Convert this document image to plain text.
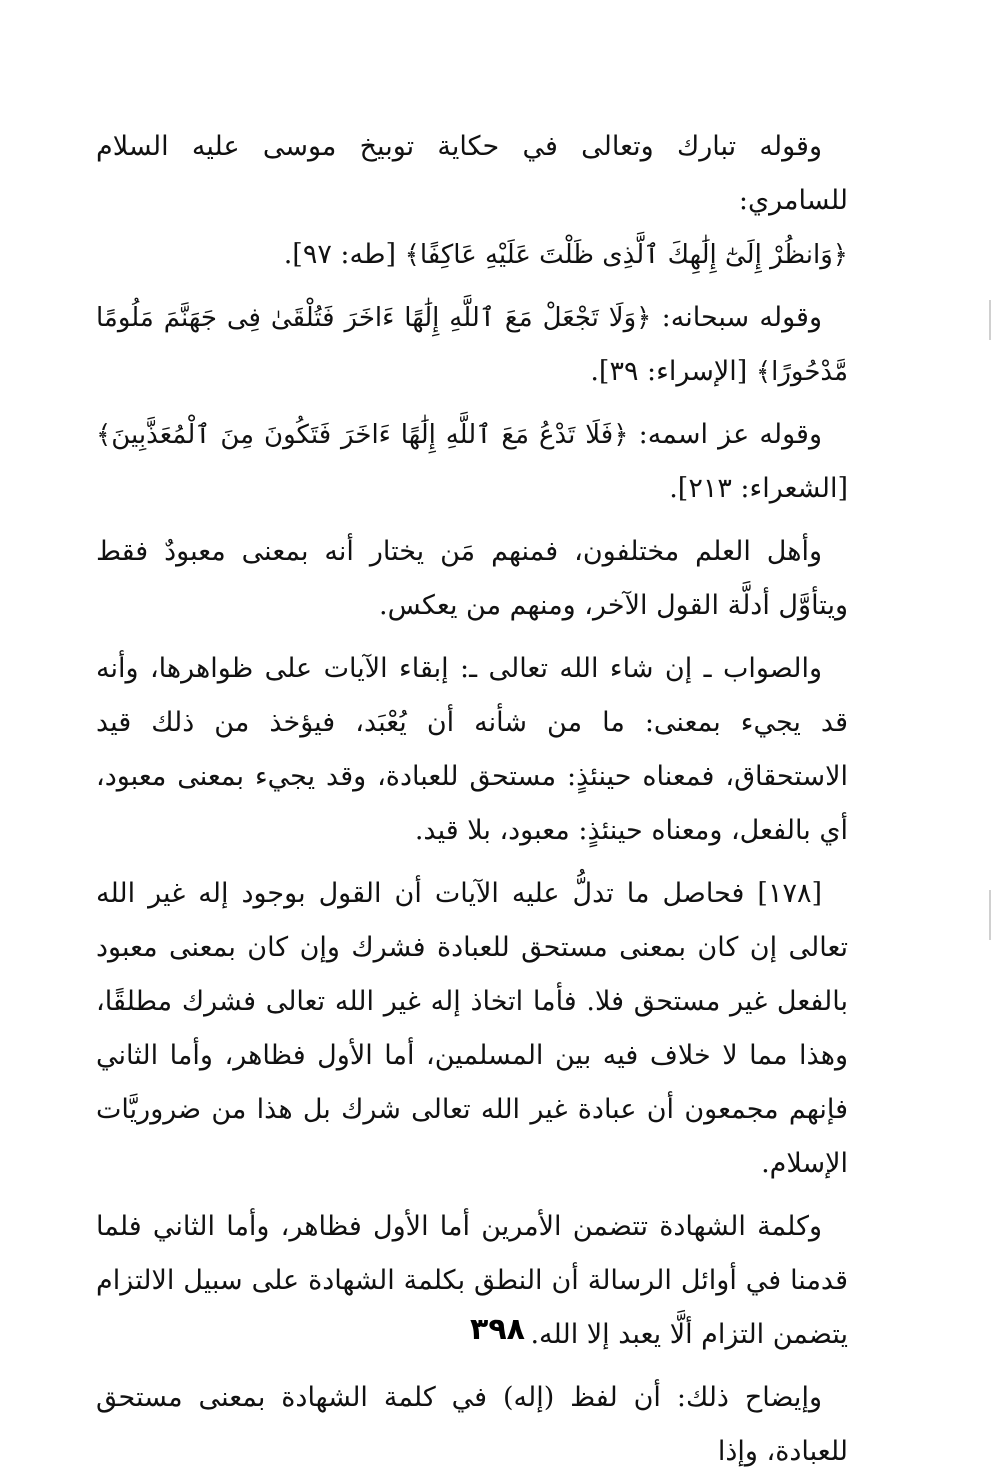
وقوله تبارك وتعالى في حكاية توبيخ موسى عليه السلام للسامري:
﴿وَانظُرْ إِلَىٰٓ إِلَٰهِكَ ٱلَّذِى ظَلْتَ عَلَيْهِ عَاكِفًا﴾ [طه: ٩٧].

وقوله سبحانه: ﴿وَلَا تَجْعَلْ مَعَ ٱللَّهِ إِلَٰهًا ءَاخَرَ فَتُلْقَىٰ فِى جَهَنَّمَ مَلُومًا مَّدْحُورًا﴾ [الإسراء: ٣٩].

وقوله عز اسمه: ﴿فَلَا تَدْعُ مَعَ ٱللَّهِ إِلَٰهًا ءَاخَرَ فَتَكُونَ مِنَ ٱلْمُعَذَّبِينَ﴾ [الشعراء: ٢١٣].

وأهل العلم مختلفون، فمنهم مَن يختار أنه بمعنى معبودٌ فقط ويتأوَّل أدلَّة القول الآخر، ومنهم من يعكس.

والصواب ـ إن شاء الله تعالى ـ: إبقاء الآيات على ظواهرها، وأنه قد يجيء بمعنى: ما من شأنه أن يُعْبَد، فيؤخذ من ذلك قيد الاستحقاق، فمعناه حينئذٍ: مستحق للعبادة، وقد يجيء بمعنى معبود، أي بالفعل، ومعناه حينئذٍ: معبود، بلا قيد.

[١٧٨] فحاصل ما تدلُّ عليه الآيات أن القول بوجود إله غير الله تعالى إن كان بمعنى مستحق للعبادة فشرك وإن كان بمعنى معبود بالفعل غير مستحق فلا. فأما اتخاذ إله غير الله تعالى فشرك مطلقًا، وهذا مما لا خلاف فيه بين المسلمين، أما الأول فظاهر، وأما الثاني فإنهم مجمعون أن عبادة غير الله تعالى شرك بل هذا من ضروريَّات الإسلام.

وكلمة الشهادة تتضمن الأمرين أما الأول فظاهر، وأما الثاني فلما قدمنا في أوائل الرسالة أن النطق بكلمة الشهادة على سبيل الالتزام يتضمن التزام ألَّا يعبد إلا الله.

وإيضاح ذلك: أن لفظ (إله) في كلمة الشهادة بمعنى مستحق للعبادة، وإذا

٣٩٨
